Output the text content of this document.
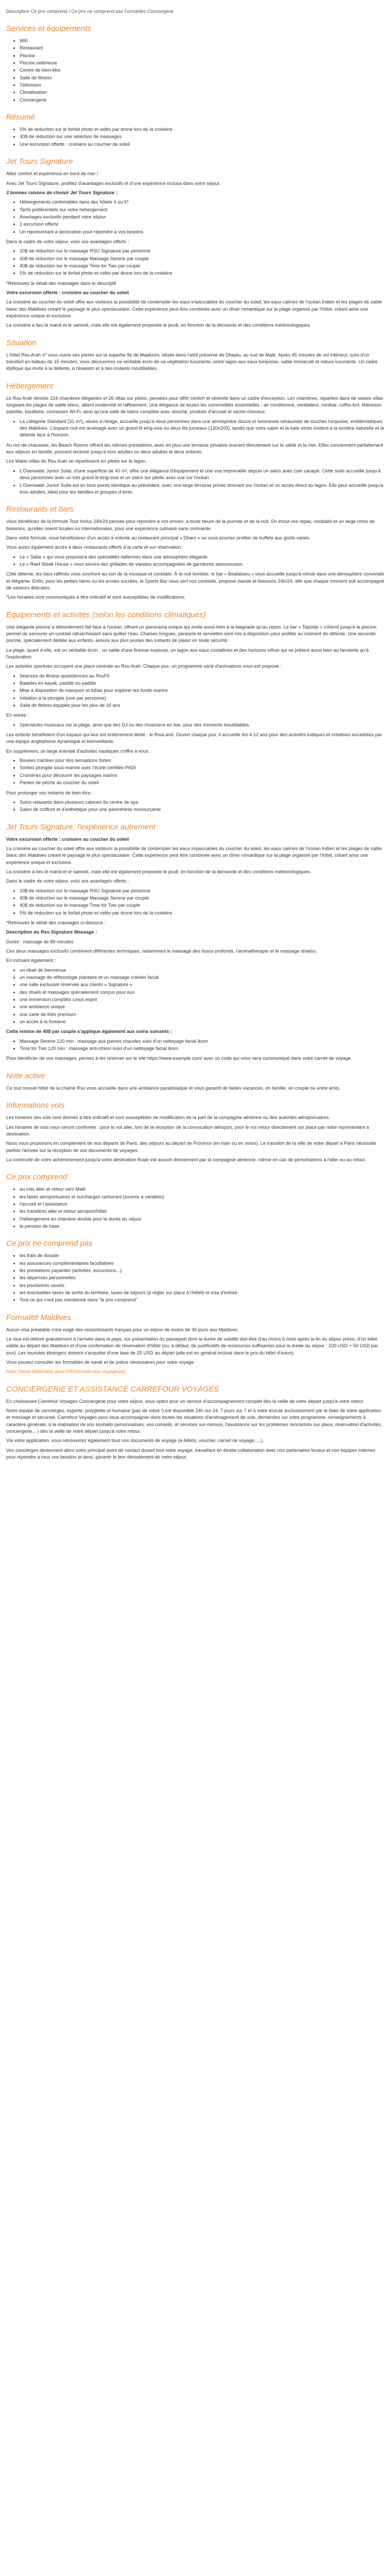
Description Ce prix comprend / Ce prix ne comprend pas Formalités Conciergerie

Services et équipements
• Wifi
• Restaurant
• Piscine
• Piscine extérieure
• Centre de bien-être
• Salle de fitness
• Télévision
• Climatisation
• Conciergerie
Résumé
• 5% de réduction sur le forfait photo et vidéo par drone lors de la croisière
• 40$ de réduction sur une sélection de massages
• Une excursion offerte : croisière au coucher de soleil
Jet Tours Signature

Allez confort et expérience en bord de mer !

Avec Jet Tours Signature, profitez d'avantages exclusifs et d'une expérience inclusa dans votre séjour.

3 bonnes raisons de choisir Jet Tours Signature :

• Hébergements confortables dans des hôtels 4 ou 5*
• Tarifs préférentiels sur votre hébergement
• Avantages exclusifs pendant votre séjour
• 1 excursion offerte
• Un représentant à destination pour répondre à vos besoins

Dans le cadre de votre séjour, voici vos avantages offerts :

• 20$ de réduction sur le massage RSU Signature par personne
• 40$ de réduction sur le massage Massage Serene par couple
• 40$ de réduction sur le massage Time for Two par couple
• 5% de réduction sur le forfait photo et vidéo par drone lors de la croisière

*Retrouvez le détail des massages dans le descriptif

Votre excursion offerte : croisière au coucher du soleil

La croisière au coucher du soleil offre aux visiteurs la possibilité de contempler les eaux impeccables du coucher du soleil, les eaux calmes de l'océan Indien et les plages de sable blanc des Maldives créant le paysage le plus spectaculaire. Cette expérience peut être combinée avec un dîner romantique sur la plage organisé par l'hôtel, créant ainsi une expérience unique et exclusive.

La croisière a lieu le mardi et le samedi, mais elle est également proposée le jeudi, en fonction de la demande et des conditions météorologiques.

Situation

L'hôtel Rsu Arah 4* vous ouvre ses portes sur la superbe île de Maafushi, située dans l'atoll préservé de Dhaalu, au sud de Malé. Après 45 minutes de vol intérieur, suivi d'un transfert en bateau de 15 minutes, vous découvrirez ce véritable écrin de sa végétation luxuriante, entre lagon aux eaux turquoise, sable immaculé et nature luxuriante. Un cadre idyllique qui invite à la détente, à l'évasion et à des instants inoubliables.

Hébergement

Le Rsu Arah dévoile 224 chambres élégantes et 26 villas sur pilotis, pensées pour offrir confort et sérénité dans un cadre d'exception. Les chambres, réparties dans de vastes villas longeant les plages de sable blanc, allient modernité et raffinement. Une élégance de toutes les commodités essentielles : air conditionné, ventilateur, minibar, coffre-fort, télévision satellite, bouilloire, connexion Wi-Fi, ainsi qu'une salle de bains complète avec douche, produits d'accueil et sèche-cheveux.

• La catégorie Standard (31 m²), située à l'étage, accueille jusqu'à deux personnes dans une atmosphère douce et lumineuse rehaussée de touches turquoise, emblématiques des Maldives. L'espace nuit est aménagé avec un grand lit king-size ou deux lits jumeaux (120x200), tandis que votre salon et la baie vitrée invitent à la lumière naturelle et la détente face à l'horizon.

Au rez-de-chaussée, les Beach Rooms offrent les mêmes prestations, avec en plus une terrasse privative ouvrant directement sur le sable et la mer. Elles conviennent parfaitement aux séjours en famille, pouvant recevoir jusqu'à trois adultes ou deux adultes et deux enfants.

Les Water-villas du Rsu Arah se répartissent en pilotis sur le lagon.

• L'Overwater Junior Suite, d'une superficie de 40 m², offre une élégance d'équipement et une vue imprenable depuis un salon avec coin canapé. Cette suite accueille jusqu'à deux personnes avec un très grand lit king-size et un salon sur pilotis avec vue sur l'océan.
• L'Overwater Junior Suite est en tous points identique au précédent, avec une large terrasse privée donnant sur l'océan et un accès direct au lagon. Elle peut accueillir jusqu'à trois adultes, idéal pour les familles et groupes d'amis.
Restaurants et bars

Vous bénéficiez de la formule Tout Inclus 24h/24 pensée pour répondre à vos envies, à toute heure de la journée et de la nuit. En inclut vos repas, cocktails et un large choix de boissons, qu'elles soient locales ou internationales, pour une expérience culinaire sans contrainte.

Dans votre formule, vous bénéficierez d'un accès à volonté au restaurant principal « Dhani » où vous pourrez profiter de buffets aux goûts variés.

Vous aurez également accès à deux restaurants offerts à la carte et sur réservation :

• Le « Safar » qui vous proposera des spécialités italiennes dans une atmosphère élégante.
• Le « Reef Steak House » vous servira des grillades de viandes accompagnées de garnitures savoureuses.

Côté détente, les bars raffinés vous ouvriront au son de la musique et cocktails. À la nuit tombée, le bar « Boalabaru » vous accueille jusqu'à minuit dans une atmosphère conviviale et élégante. Enfin, pour les petites faims ou les envies sucrées, le Sports Bar vous sert vos cocktails, propose viande et boissons 24h/24, afin que chaque moment soit accompagné de saveurs délicates.

*Les horaires sont communiqués à titre indicatif et sont susceptibles de modifications.

Équipements et activités (selon les conditions climatiques)

Une élégante piscine à débordement fait face à l'océan, offrant un panorama unique qui invite aussi bien à la baignade qu'au repos. Le bar « Topside » s'étend jusqu'à la piscine, permet de savourer un cocktail rafraîchissant sans quitter l'eau. Chaises longues, parasols et serviettes sont mis à disposition pour profiter au moment de détente. Une seconde piscine, spécialement dédiée aux enfants, assure aux plus jeunes des instants de plaisir en toute sécurité.

La plage, quant à elle, est un véritable écrin : un sable d'une finesse soyeuse, un lagon aux eaux cristallines et des horizons infinis qui se prêtent aussi bien au farniente qu'à l'exploration.

Les activités sportives occupent une place centrale au Rsu Arah. Chaque jour, un programme varié d'animations vous est proposé :

• Séances de fitness quotidiennes au RsuFit
• Balades en kayak, paddle ou paddle
• Mise à disposition de masques et tubas pour explorer les fonds marins
• Initiation à la plongée (une par personne)
• Salle de fitness équipée pour les plus de 16 ans

En soirée :

• Spectacles musicaux sur la plage, ainsi que des DJ ou des musiciens en live, pour des moments inoubliables.

Les enfants bénéficient d'un espace qui leur est entièrement dédié : le RsuLand. Ouvert chaque jour, il accueille les 4-12 ans pour des activités ludiques et créatives encadrées par une équipe anglophone dynamique et bienveillante.

En supplément, un large éventail d'activités nautiques s'offre à vous :

• Bouées tractées pour des sensations fortes
• Sorties plongée sous-marine avec l'école certifiée PADI
• Croisières pour découvrir les paysages marins
• Parties de pêche au coucher du soleil

Pour prolonger vos instants de bien-être :

• Soins relaxants dans plusieurs cabines du centre de spa
• Salon de coiffure et d'esthétique pour une parenthèse ressourçante
Jet Tours Signature, l'expérience autrement

Votre excursion offerte : croisière au coucher du soleil

La croisière au coucher du soleil offre aux visiteurs la possibilité de contempler les eaux impeccables du coucher du soleil, les eaux calmes de l'océan Indien et les plages de sable blanc des Maldives créant le paysage le plus spectaculaire. Cette expérience peut être combinée avec un dîner romantique sur la plage organisé par l'hôtel, créant ainsi une expérience unique et exclusive.

La croisière a lieu le mardi et le samedi, mais elle est également proposée le jeudi, en fonction de la demande et des conditions météorologiques.

Dans le cadre de votre séjour, voici vos avantages offerts :

• 20$ de réduction sur le massage RSU Signature par personne
• 40$ de réduction sur le massage Massage Serene par couple
• 40$ de réduction sur le massage Time for Two par couple
• 5% de réduction sur le forfait photo et vidéo par drone lors de la croisière

*Retrouvez le détail des massages ci-dessous :

Description du Rsu Signature Massage :

Durée : massage de 80 minutes

Ces deux massages exclusifs combinent différentes techniques, notamment le massage des tissus profonds, l'aromathérapie et le massage shiatsu.

En incluant également :

• un rituel de bienvenue
• un massage de réflexologie plantaire et un massage crânien facial
• une salle exclusive réservée aux clients « Signature »
• des rituels et massages spécialement conçus pour eux
• une immersion complète corps esprit
• une ambiance unique
• une carte de thés premium
• un accès à la fontaine

Cette remise de 40$ par couple s'applique également aux soins suivants :

• Massage Serene 120 min : massage aux pierres chaudes suivi d'un nettoyage facial Ikom
• Time for Two 120 min : massage anti-stress suivi d'un nettoyage facial Ikom

Pour bénéficier de vos massages, pensez à les réserver sur le site https://www.example.com/ avec un code qui vous sera communiqué dans votre carnet de voyage.

Note active

Ce tout nouvel hôtel de la chaîne Rsu vous accueille dans une ambiance paradisiaque et vous garantit de belles vacances, en famille, en couple ou entre amis.

Informations vols

Les horaires des vols sont donnés à titre indicatif et sont susceptibles de modification de la part de la compagnie aérienne ou des autorités aéroportuaires.

Les horaires de vols vous seront confirmés : pour le vol aller, lors de la réception de la convocation aéroport, pour le vol retour directement sur place par notre représentant à destination.

Nous vous proposons en complément de nos départs de Paris, des séjours au départ de Province (en train ou en avion). Le transfert de la ville de votre départ à Paris nécessite parfois l'arrivée sur la réception de vos documents de voyages.

La continuité de votre acheminement jusqu'à votre destination finale est assuré directement par la compagnie aérienne, même en cas de perturbations à l'aller ou au retour.

Ce prix comprend
• au vols aller et retour vers Malé
• les taxes aéroportuaires et surcharges carburant (soumis à variation)
• l'accueil et l'assistance
• les transferts aller et retour aéroport/hôtel
• l'hébergement en chambre double pour la durée du séjour
• la pension de base
Ce prix ne comprend pas
• les frais de dossier
• les assurances complémentaires facultatives
• les prestations payantes (activités, excursions...)
• les dépenses personnelles
• les pourboires usuels
• les éventuelles taxes de sortie du territoire, taxes de séjours (à régler sur place à l'hôtel) et visa d'entrée
• Tout ce qui n'est pas mentionné dans "le prix comprend"
Formalité Maldives

Aucun visa préalable n'est exigé des ressortissants français pour un séjour de moins de 30 jours aux Maldives.

Le visa est délivré gratuitement à l'arrivée dans le pays, sur présentation du passeport dont la durée de validité doit être d'au moins 6 mois après la fin du séjour prévu, d'un billet valide au départ des Maldives et d'une confirmation de réservation d'hôtel (ou, à défaut, de justificatifs de ressources suffisantes pour la durée du séjour : 100 USD + 50 USD par jour). Les touristes étrangers doivent s'acquitter d'une taxe de 25 USD au départ (elle est en général incluse dans le prix du billet d'avion).

Vous pouvez consulter les formalités de santé et de police nécessaires pour votre voyage :

https://www.diplomatie.gouv.fr/fr/conseils-aux-voyageurs/

CONCIERGERIE ET ASSISTANCE CARREFOUR VOYAGES

En choisissant Carrefour Voyages Conciergerie pour votre séjour, vous optez pour un service d'accompagnement complet dès la veille de votre départ jusqu'à votre retour.

Notre équipe de concierges, experte, polyglotte et humaine (pas de robot !) est disponible 24h sur 24, 7 jours sur 7 et à votre écoute exclusivement par le biais de votre application et message et sécurisé, Carrefour Voyages pour vous accompagner dans toutes les situations d'aménagement de vols, demandes sur votre programme, renseignements à caractère générale, à la réalisation de vos souhaits personnalisés, vos conseils, et services sur-mesure, l'assistance sur les problèmes rencontrés sur place, réservation d'activités, conciergerie... ) dès la veille de votre départ jusqu'à votre retour.

Via votre application, vous retrouverez également tous vos documents de voyage (e-billets, voucher, carnet de voyage, ...).

Vos concierges deviennent alors votre principal point de contact durant tout votre voyage, travaillant en étroite collaboration avec nos partenaires locaux et nos équipes internes pour répondre à tous vos besoins et ainsi, garantir le bon déroulement de votre séjour.
